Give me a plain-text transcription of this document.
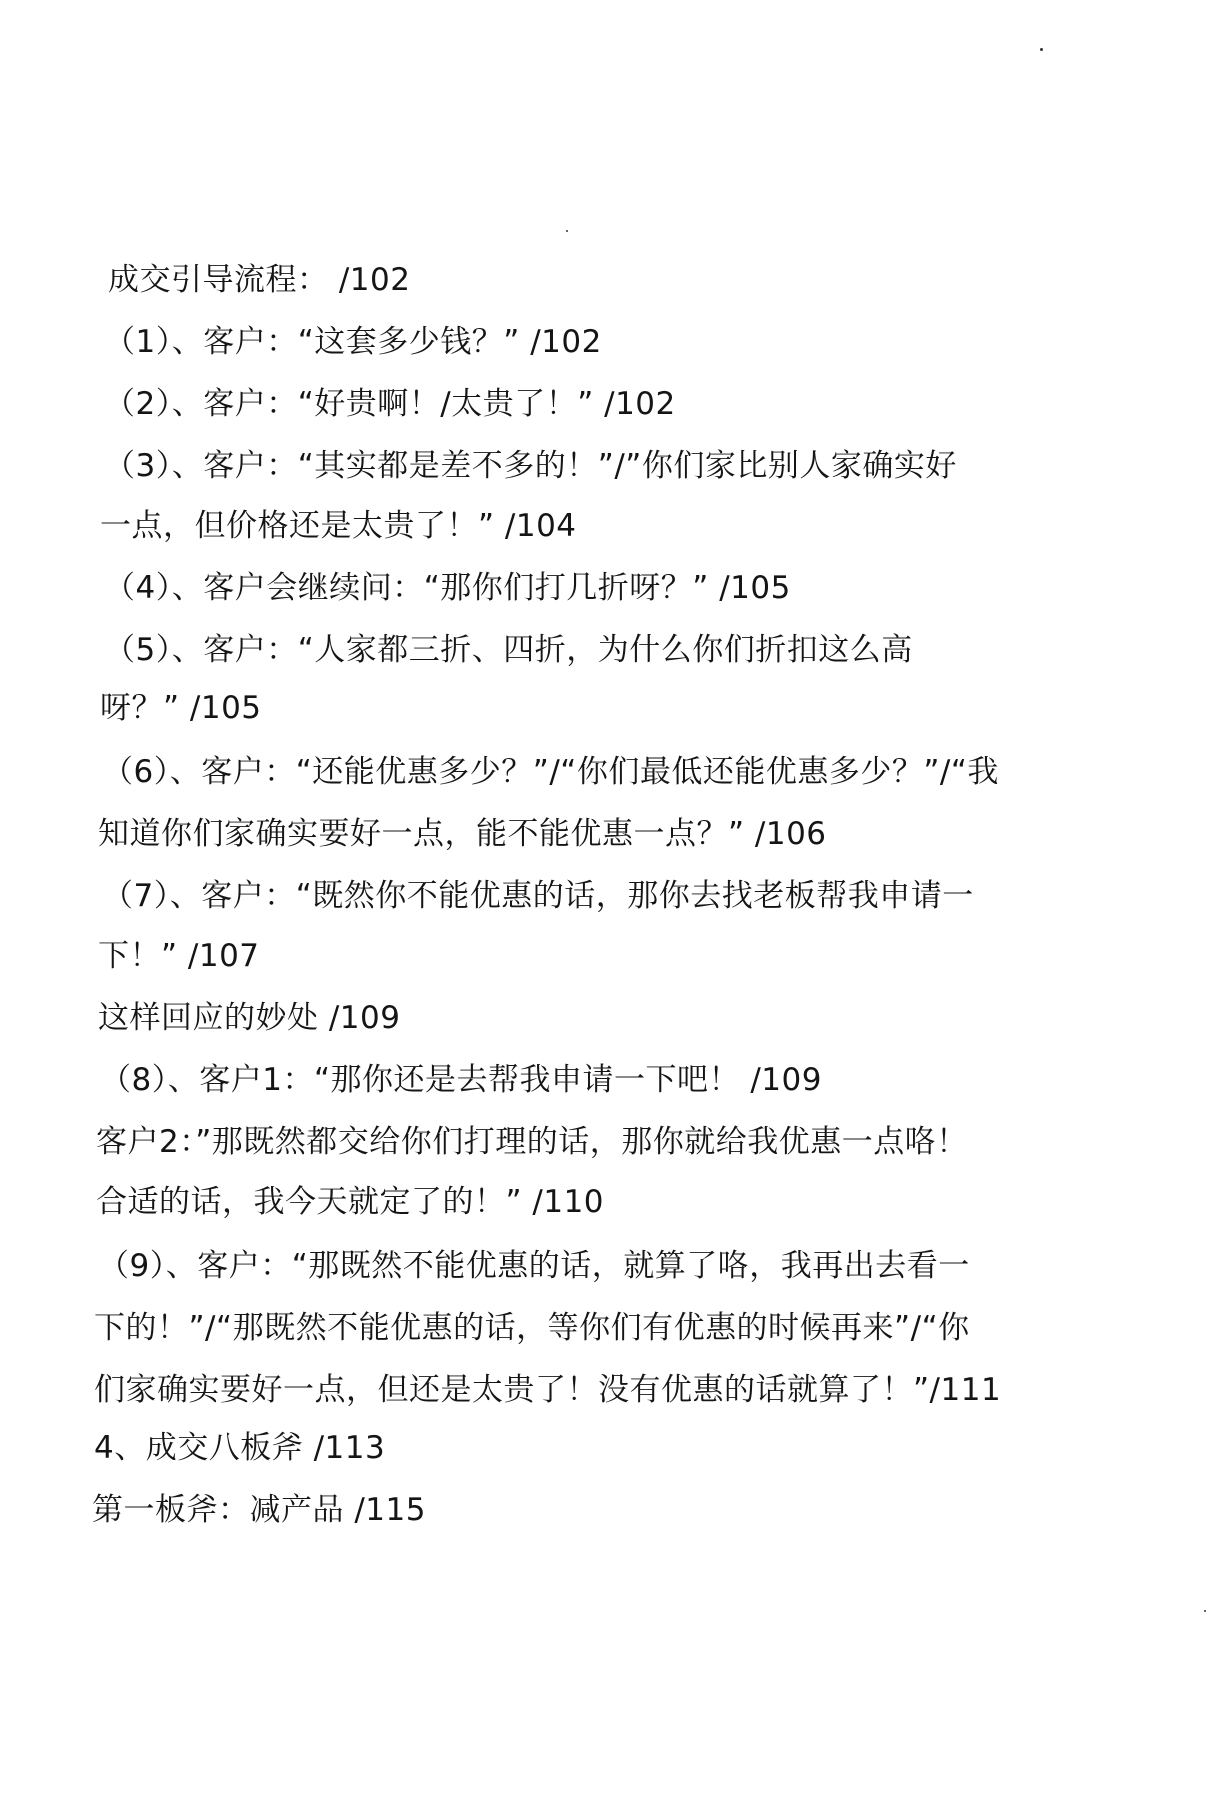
成交引导流程： /102
（1）、客户：“这套多少钱？” /102
（2）、客户：“好贵啊！/太贵了！” /102
（3）、客户：“其实都是差不多的！”/”你们家比别人家确实好
一点，但价格还是太贵了！” /104
（4）、客户会继续问：“那你们打几折呀？” /105
（5）、客户：“人家都三折、四折，为什么你们折扣这么高
呀？” /105
（6）、客户：“还能优惠多少？”/“你们最低还能优惠多少？”/“我
知道你们家确实要好一点，能不能优惠一点？” /106
（7）、客户：“既然你不能优惠的话，那你去找老板帮我申请一
下！” /107
这样回应的妙处 /109
（8）、客户1：“那你还是去帮我申请一下吧！ /109
客户2：”那既然都交给你们打理的话，那你就给我优惠一点咯！
合适的话，我今天就定了的！” /110
（9）、客户：“那既然不能优惠的话，就算了咯，我再出去看一
下的！”/“那既然不能优惠的话，等你们有优惠的时候再来”/“你
们家确实要好一点，但还是太贵了！没有优惠的话就算了！”/111
4、成交八板斧 /113
第一板斧：减产品 /115
